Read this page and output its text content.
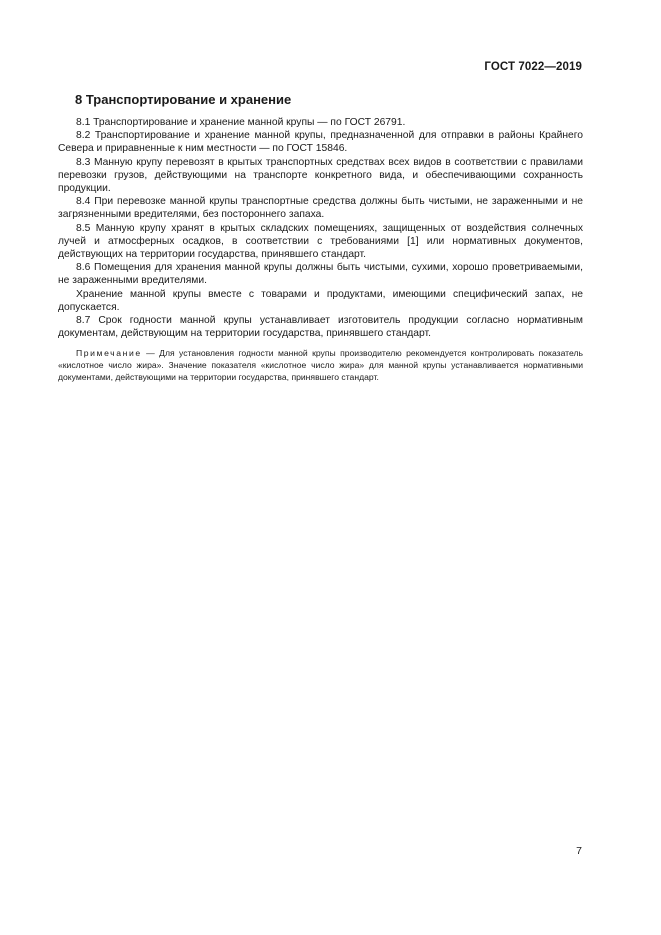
ГОСТ 7022—2019
8 Транспортирование и хранение

8.1 Транспортирование и хранение манной крупы — по ГОСТ 26791.

8.2 Транспортирование и хранение манной крупы, предназначенной для отправки в районы Крайнего Севера и приравненные к ним местности — по ГОСТ 15846.

8.3 Манную крупу перевозят в крытых транспортных средствах всех видов в соответствии с правилами перевозки грузов, действующими на транспорте конкретного вида, и обеспечивающими сохранность продукции.

8.4 При перевозке манной крупы транспортные средства должны быть чистыми, не зараженными и не загрязненными вредителями, без постороннего запаха.

8.5 Манную крупу хранят в крытых складских помещениях, защищенных от воздействия солнечных лучей и атмосферных осадков, в соответствии с требованиями [1] или нормативных документов, действующих на территории государства, принявшего стандарт.

8.6 Помещения для хранения манной крупы должны быть чистыми, сухими, хорошо проветриваемыми, не зараженными вредителями.

Хранение манной крупы вместе с товарами и продуктами, имеющими специфический запах, не допускается.

8.7 Срок годности манной крупы устанавливает изготовитель продукции согласно нормативным документам, действующим на территории государства, принявшего стандарт.

Примечание — Для установления годности манной крупы производителю рекомендуется контролировать показатель «кислотное число жира». Значение показателя «кислотное число жира» для манной крупы устанавливается нормативными документами, действующими на территории государства, принявшего стандарт.

7
